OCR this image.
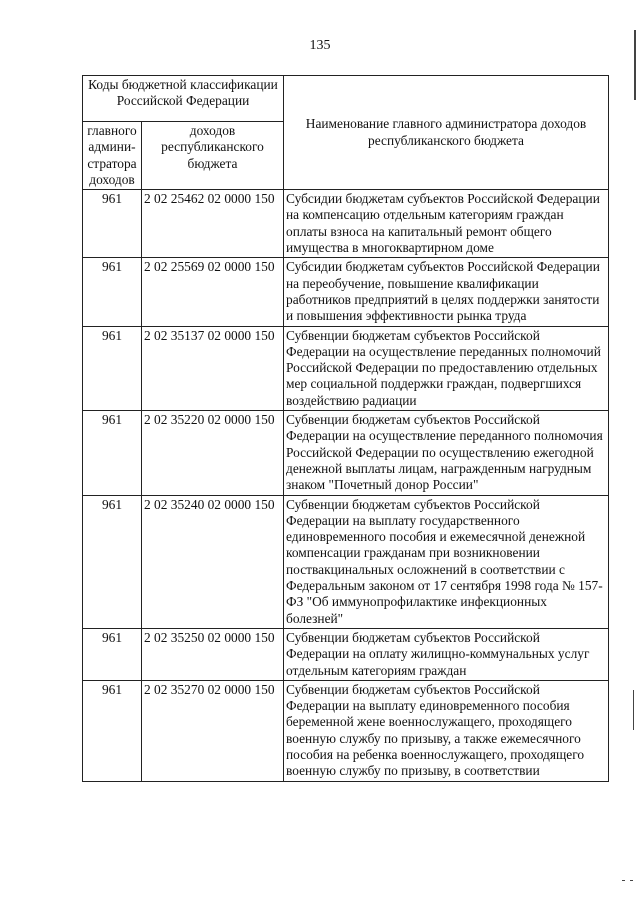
135
Коды бюджетной классификации Российской Федерации		Наименование главного администратора доходов республиканского бюджета
главного админи-стратора доходов	доходов республиканского бюджета	
961	2 02 25462 02 0000 150	Субсидии бюджетам субъектов Российской Федерации на компенсацию отдельным категориям граждан оплаты взноса на капитальный ремонт общего имущества в многоквартирном доме
961	2 02 25569 02 0000 150	Субсидии бюджетам субъектов Российской Федерации на переобучение, повышение квалификации работников предприятий в целях поддержки занятости и повышения эффективности рынка труда
961	2 02 35137 02 0000 150	Субвенции бюджетам субъектов Российской Федерации на осуществление переданных полномочий Российской Федерации по предоставлению отдельных мер социальной поддержки граждан, подвергшихся воздействию радиации
961	2 02 35220 02 0000 150	Субвенции бюджетам субъектов Российской Федерации на осуществление переданного полномочия Российской Федерации по осуществлению ежегодной денежной выплаты лицам, награжденным нагрудным знаком "Почетный донор России"
961	2 02 35240 02 0000 150	Субвенции бюджетам субъектов Российской Федерации на выплату государственного единовременного пособия и ежемесячной денежной компенсации гражданам при возникновении поствакцинальных осложнений в соответствии с Федеральным законом от 17 сентября 1998 года № 157-ФЗ "Об иммунопрофилактике инфекционных болезней"
961	2 02 35250 02 0000 150	Субвенции бюджетам субъектов Российской Федерации на оплату жилищно-коммунальных услуг отдельным категориям граждан
961	2 02 35270 02 0000 150	Субвенции бюджетам субъектов Российской Федерации на выплату единовременного пособия беременной жене военнослужащего, проходящего военную службу по призыву, а также ежемесячного пособия на ребенка военнослужащего, проходящего военную службу по призыву, в соответствии
